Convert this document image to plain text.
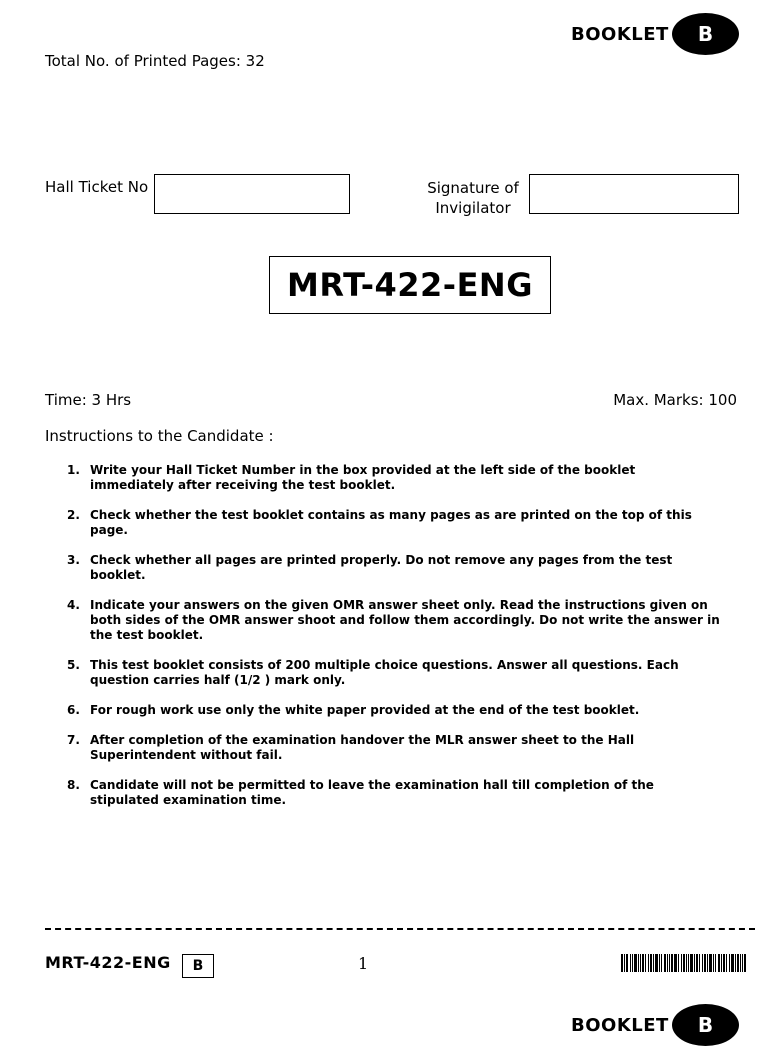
BOOKLET	B
Total No. of Printed Pages: 32
Hall Ticket No	Signature of
Invigilator
MRT-422-ENG
Time: 3 Hrs	Max. Marks: 100
Instructions to the Candidate :
1. Write your Hall Ticket Number in the box provided at the left side of the booklet immediately after receiving the test booklet.
2. Check whether the test booklet contains as many pages as are printed on the top of this page.
3. Check whether all pages are printed properly. Do not remove any pages from the test booklet.
4. Indicate your answers on the given OMR answer sheet only. Read the instructions given on both sides of the OMR answer shoot and follow them accordingly. Do not write the answer in the test booklet.
5. This test booklet consists of 200 multiple choice questions. Answer all questions. Each question carries half (1/2 ) mark only.
6. For rough work use only the white paper provided at the end of the test booklet.
7. After completion of the examination handover the MLR answer sheet to the Hall Superintendent without fail.
8. Candidate will not be permitted to leave the examination hall till completion of the stipulated examination time.
MRT-422-ENG	B	1
BOOKLET	B
